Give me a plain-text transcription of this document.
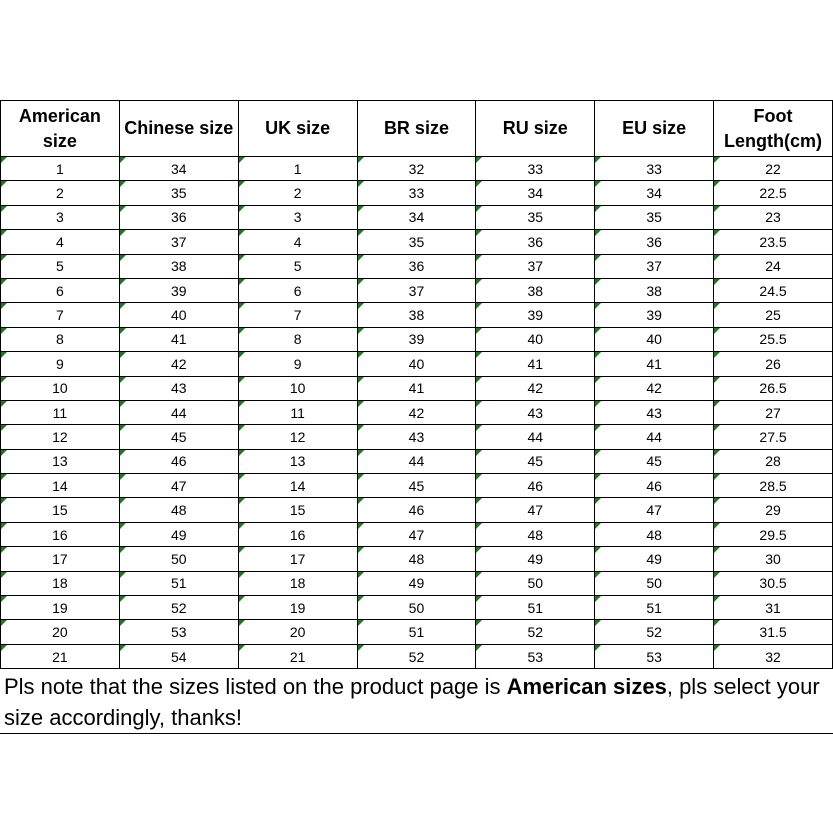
American size	Chinese size	UK size	BR size	RU size	EU size	Foot Length(cm)
1	34	1	32	33	33	22
2	35	2	33	34	34	22.5
3	36	3	34	35	35	23
4	37	4	35	36	36	23.5
5	38	5	36	37	37	24
6	39	6	37	38	38	24.5
7	40	7	38	39	39	25
8	41	8	39	40	40	25.5
9	42	9	40	41	41	26
10	43	10	41	42	42	26.5
11	44	11	42	43	43	27
12	45	12	43	44	44	27.5
13	46	13	44	45	45	28
14	47	14	45	46	46	28.5
15	48	15	46	47	47	29
16	49	16	47	48	48	29.5
17	50	17	48	49	49	30
18	51	18	49	50	50	30.5
19	52	19	50	51	51	31
20	53	20	51	52	52	31.5
21	54	21	52	53	53	32
Pls note that the sizes listed on the product page is American sizes, pls select your size accordingly, thanks!
